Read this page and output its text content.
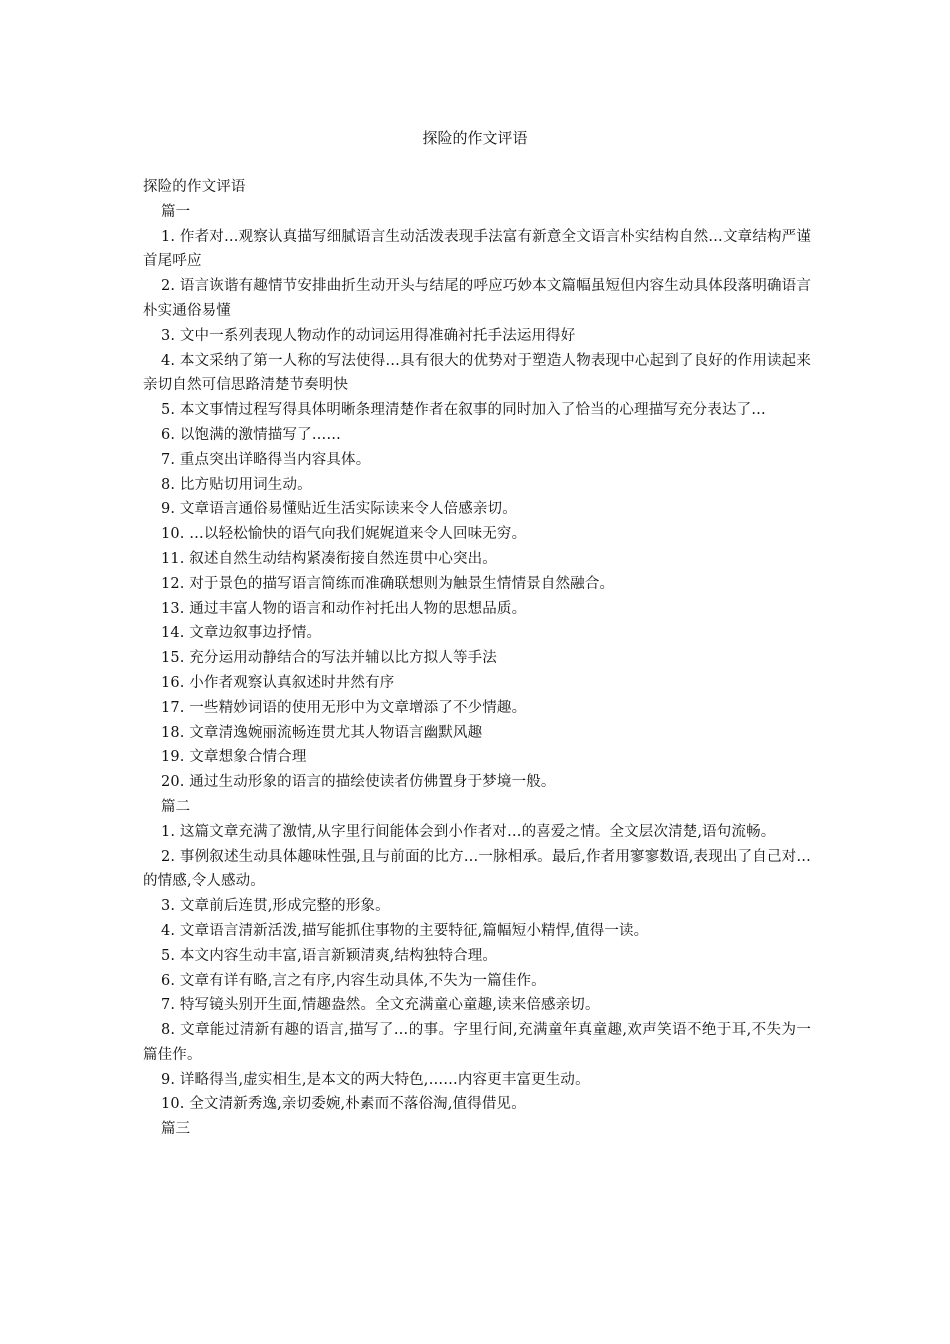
探险的作文评语

探险的作文评语

篇一

1. 作者对…观察认真描写细腻语言生动活泼表现手法富有新意全文语言朴实结构自然…文章结构严谨首尾呼应

2. 语言诙谐有趣情节安排曲折生动开头与结尾的呼应巧妙本文篇幅虽短但内容生动具体段落明确语言朴实通俗易懂

3. 文中一系列表现人物动作的动词运用得准确衬托手法运用得好

4. 本文采纳了第一人称的写法使得…具有很大的优势对于塑造人物表现中心起到了良好的作用读起来亲切自然可信思路清楚节奏明快

5. 本文事情过程写得具体明晰条理清楚作者在叙事的同时加入了恰当的心理描写充分表达了…

6. 以饱满的激情描写了……

7. 重点突出详略得当内容具体。

8. 比方贴切用词生动。

9. 文章语言通俗易懂贴近生活实际读来令人倍感亲切。

10. …以轻松愉快的语气向我们娓娓道来令人回味无穷。

11. 叙述自然生动结构紧凑衔接自然连贯中心突出。

12. 对于景色的描写语言简练而准确联想则为触景生情情景自然融合。

13. 通过丰富人物的语言和动作衬托出人物的思想品质。

14. 文章边叙事边抒情。

15. 充分运用动静结合的写法并辅以比方拟人等手法

16. 小作者观察认真叙述时井然有序

17. 一些精妙词语的使用无形中为文章增添了不少情趣。

18. 文章清逸婉丽流畅连贯尤其人物语言幽默风趣

19. 文章想象合情合理

20. 通过生动形象的语言的描绘使读者仿佛置身于梦境一般。

篇二

1. 这篇文章充满了激情,从字里行间能体会到小作者对…的喜爱之情。全文层次清楚,语句流畅。

2. 事例叙述生动具体趣味性强,且与前面的比方…一脉相承。最后,作者用寥寥数语,表现出了自己对…的情感,令人感动。

3. 文章前后连贯,形成完整的形象。

4. 文章语言清新活泼,描写能抓住事物的主要特征,篇幅短小精悍,值得一读。

5. 本文内容生动丰富,语言新颖清爽,结构独特合理。

6. 文章有详有略,言之有序,内容生动具体,不失为一篇佳作。

7. 特写镜头别开生面,情趣盎然。全文充满童心童趣,读来倍感亲切。

8. 文章能过清新有趣的语言,描写了…的事。字里行间,充满童年真童趣,欢声笑语不绝于耳,不失为一篇佳作。

9. 详略得当,虚实相生,是本文的两大特色,……内容更丰富更生动。

10. 全文清新秀逸,亲切委婉,朴素而不落俗淘,值得借见。

篇三
